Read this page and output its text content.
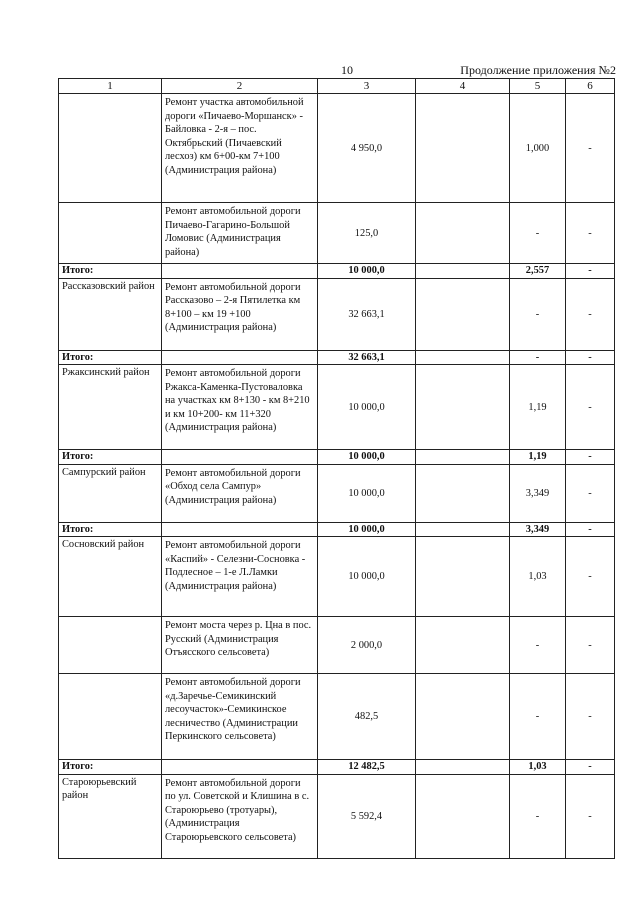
10	Продолжение приложения №2
1	2	3	4	5	6
	Ремонт участка автомобильной дороги «Пичаево-Моршанск» - Байловка - 2-я – пос. Октябрьский (Пичаевский лесхоз) км 6+00-км 7+100 (Администрация района)	4 950,0		1,000	-
	Ремонт автомобильной дороги Пичаево-Гагарино-Большой Ломовис (Администрация района)	125,0		-	-
Итого:		10 000,0		2,557	-
Рассказовский район	Ремонт автомобильной дороги Рассказово – 2-я Пятилетка км 8+100 – км 19 +100 (Администрация района)	32 663,1		-	-
Итого:		32 663,1		-	-
Ржаксинский район	Ремонт автомобильной дороги Ржакса-Каменка-Пустоваловка на участках км 8+130 - км 8+210 и км 10+200- км 11+320 (Администрация района)	10 000,0		1,19	-
Итого:		10 000,0		1,19	-
Сампурский район	Ремонт автомобильной дороги «Обход села Сампур» (Администрация района)	10 000,0		3,349	-
Итого:		10 000,0		3,349	-
Сосновский район	Ремонт автомобильной дороги «Каспий» - Селезни-Сосновка - Подлесное – 1-е Л.Ламки (Администрация района)	10 000,0		1,03	-
	Ремонт моста через р. Цна в пос. Русский (Администрация Отъясского сельсовета)	2 000,0		-	-
	Ремонт автомобильной дороги «д.Заречье-Семикинский лесоучасток»-Семикинское лесничество (Администрации Перкинского сельсовета)	482,5		-	-
Итого:		12 482,5		1,03	-
Староюрьевский район	Ремонт автомобильной дороги по ул. Советской и Клишина в с. Староюрьево (тротуары), (Администрация Староюрьевского сельсовета)	5 592,4		-	-
